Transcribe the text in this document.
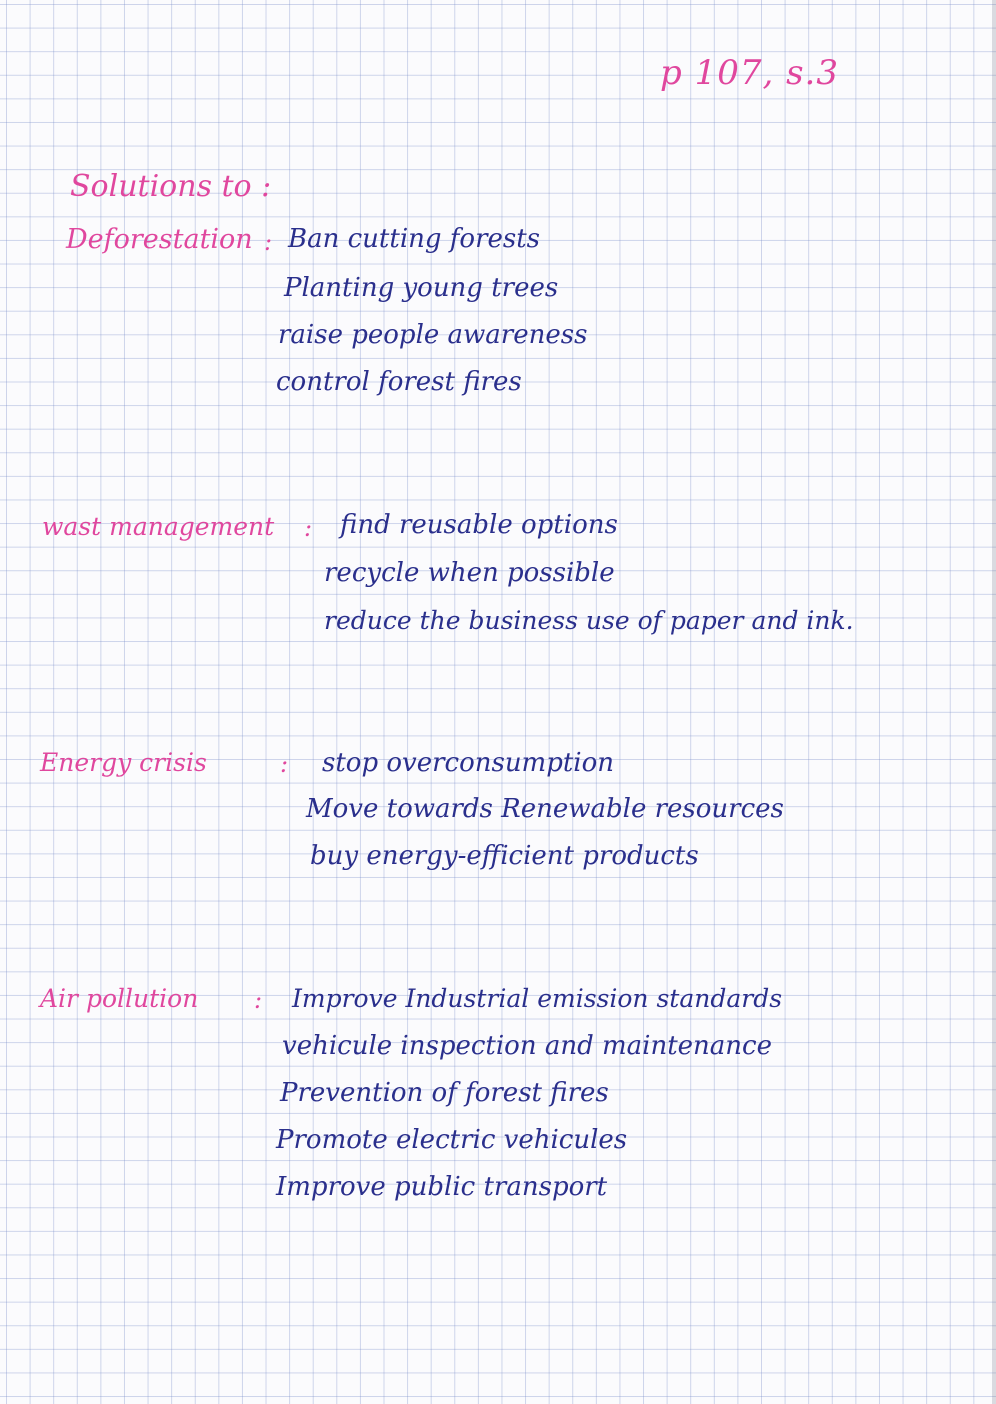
p 107, s.3
Solutions to :
Deforestation : Ban cutting forests
Planting young trees
raise people awareness
control forest fires
wast management : find reusable options
recycle when possible
reduce the business use of paper and ink.
Energy crisis	: stop overconsumption
Move towards Renewable resources
buy energy-efficient products
Air pollution : Improve Industrial emission standards
vehicule inspection and maintenance
Prevention of forest fires
Promote electric vehicules
Improve public transport
